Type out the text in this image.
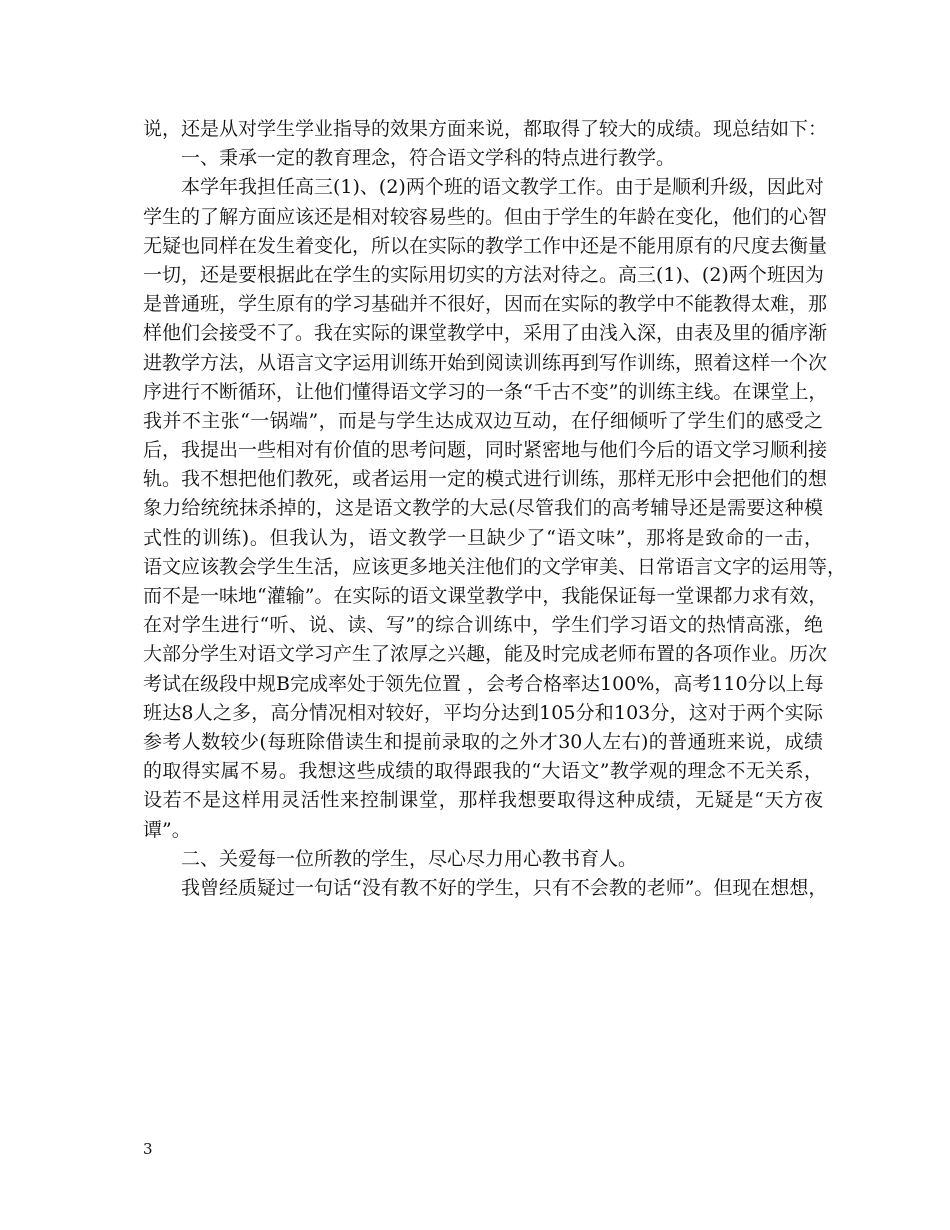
说，还是从对学生学业指导的效果方面来说，都取得了较大的成绩。现总结如下：

一、秉承一定的教育理念，符合语文学科的特点进行教学。

本学年我担任高三(1)、(2)两个班的语文教学工作。由于是顺利升级，因此对

学生的了解方面应该还是相对较容易些的。但由于学生的年龄在变化，他们的心智

无疑也同样在发生着变化，所以在实际的教学工作中还是不能用原有的尺度去衡量

一切，还是要根据此在学生的实际用切实的方法对待之。高三(1)、(2)两个班因为

是普通班，学生原有的学习基础并不很好，因而在实际的教学中不能教得太难，那

样他们会接受不了。我在实际的课堂教学中，采用了由浅入深，由表及里的循序渐

进教学方法，从语言文字运用训练开始到阅读训练再到写作训练，照着这样一个次

序进行不断循环，让他们懂得语文学习的一条“千古不变”的训练主线。在课堂上，

我并不主张“一锅端”，而是与学生达成双边互动，在仔细倾听了学生们的感受之

后，我提出一些相对有价值的思考问题，同时紧密地与他们今后的语文学习顺利接

轨。我不想把他们教死，或者运用一定的模式进行训练，那样无形中会把他们的想

象力给统统抹杀掉的，这是语文教学的大忌(尽管我们的高考辅导还是需要这种模

式性的训练)。但我认为，语文教学一旦缺少了“语文味”，那将是致命的一击，

语文应该教会学生生活，应该更多地关注他们的文学审美、日常语言文字的运用等，

而不是一味地“灌输”。在实际的语文课堂教学中，我能保证每一堂课都力求有效，

在对学生进行“听、说、读、写”的综合训练中，学生们学习语文的热情高涨，绝

大部分学生对语文学习产生了浓厚之兴趣，能及时完成老师布置的各项作业。历次

考试在级段中规B完成率处于领先位置 ，会考合格率达100%，高考110分以上每

班达8人之多，高分情况相对较好，平均分达到105分和103分，这对于两个实际

参考人数较少(每班除借读生和提前录取的之外才30人左右)的普通班来说，成绩

的取得实属不易。我想这些成绩的取得跟我的“大语文”教学观的理念不无关系，

设若不是这样用灵活性来控制课堂，那样我想要取得这种成绩，无疑是“天方夜

谭”。

二、关爱每一位所教的学生，尽心尽力用心教书育人。

我曾经质疑过一句话“没有教不好的学生，只有不会教的老师”。但现在想想，

3
